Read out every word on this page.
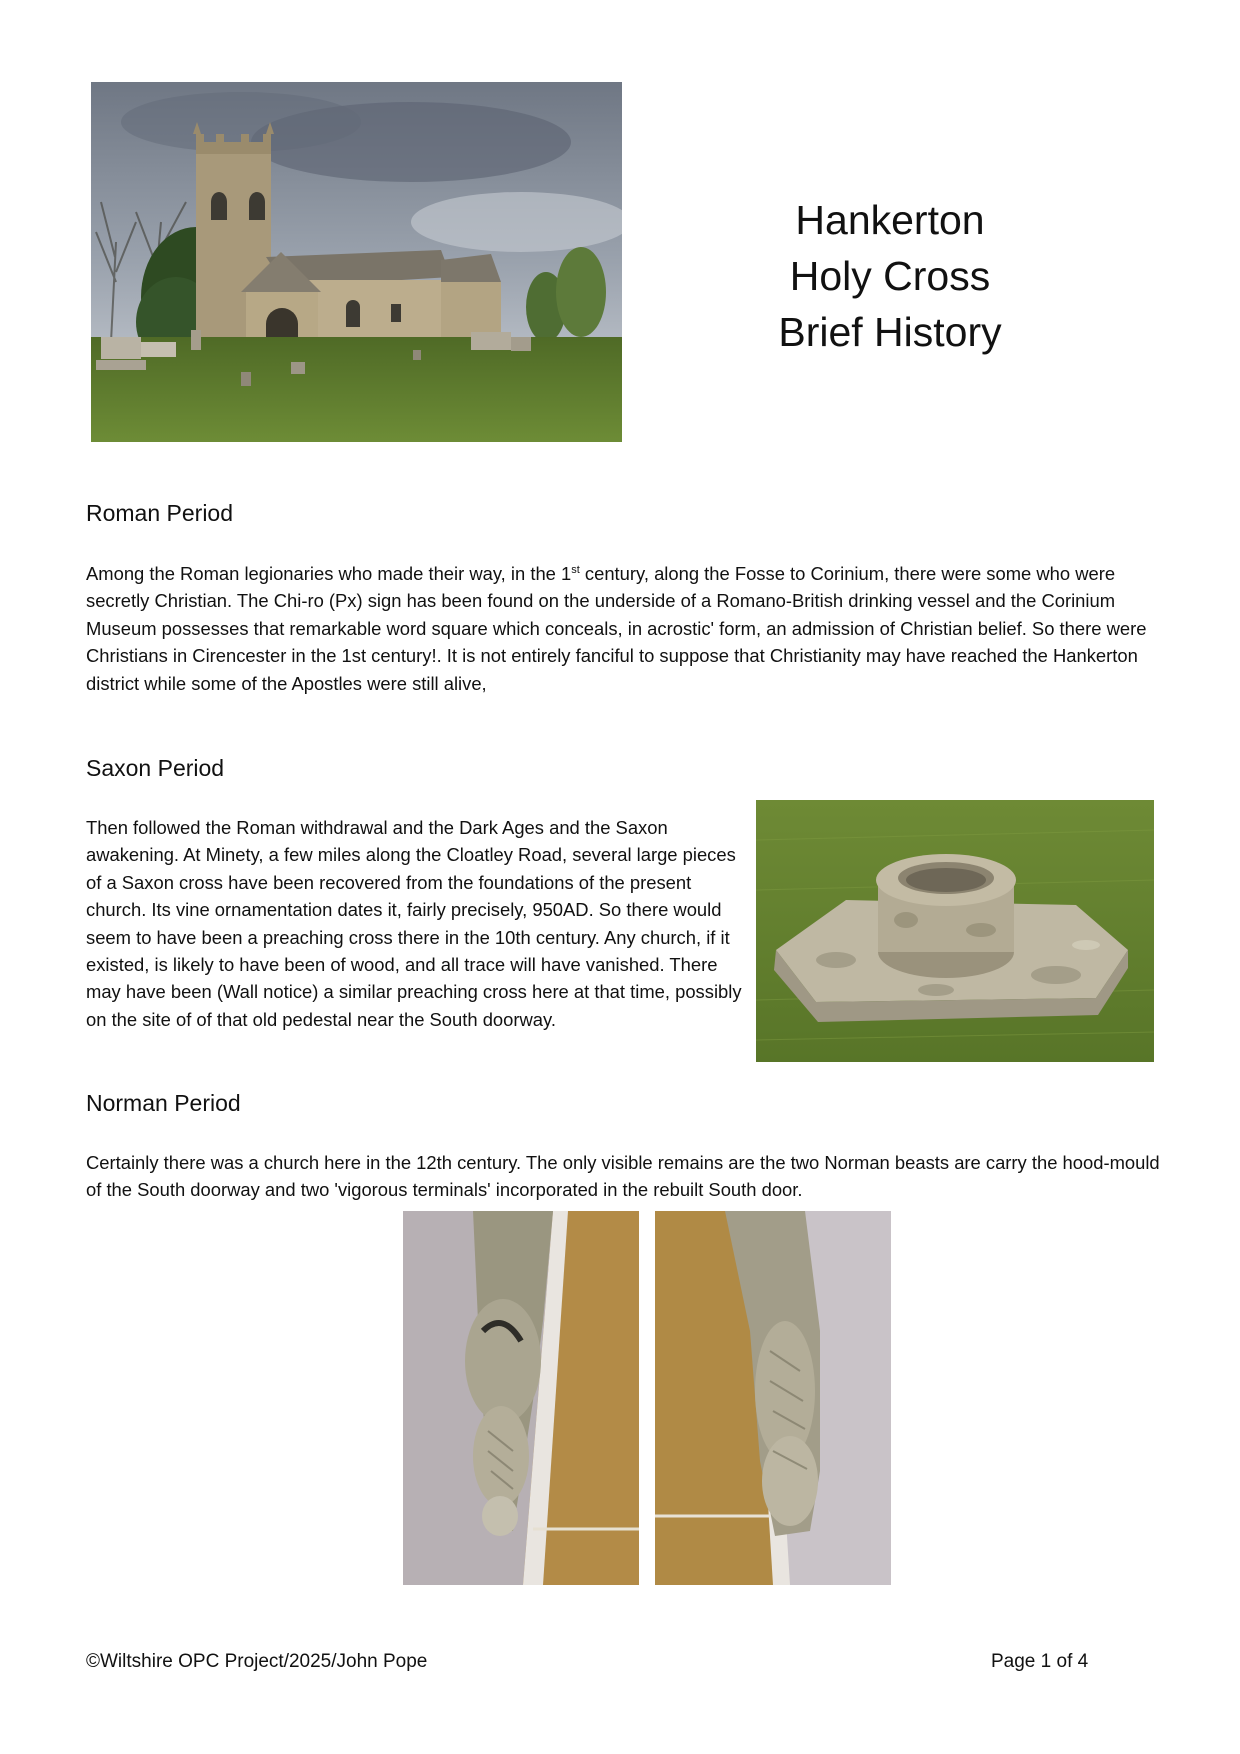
Hankerton
Holy Cross
Brief History
Roman Period

Among the Roman legionaries who made their way, in the 1st century, along the Fosse to Corinium, there were some who were secretly Christian. The Chi-ro (Px) sign has been found on the underside of a Romano-British drinking vessel and the Corinium Museum possesses that remarkable word square which conceals, in acrostic' form, an admission of Christian belief. So there were Christians in Cirencester in the 1st century!. It is not entirely fanciful to suppose that Christianity may have reached the Hankerton district while some of the Apostles were still alive,

Saxon Period

Then followed the Roman withdrawal and the Dark Ages and the Saxon awakening. At Minety, a few miles along the Cloatley Road, several large pieces of a Saxon cross have been recovered from the foundations of the present church. Its vine ornamentation dates it, fairly precisely, 950AD. So there would seem to have been a preaching cross there in the 10th century. Any church, if it existed, is likely to have been of wood, and all trace will have vanished. There may have been (Wall notice) a similar preaching cross here at that time, possibly on the site of of that old pedestal near the South doorway.

Norman Period

Certainly there was a church here in the 12th century. The only visible remains are the two Norman beasts are carry the hood-mould of the South doorway and two 'vigorous terminals' incorporated in the rebuilt South door.

©Wiltshire OPC Project/2025/John Pope	Page 1 of 4
